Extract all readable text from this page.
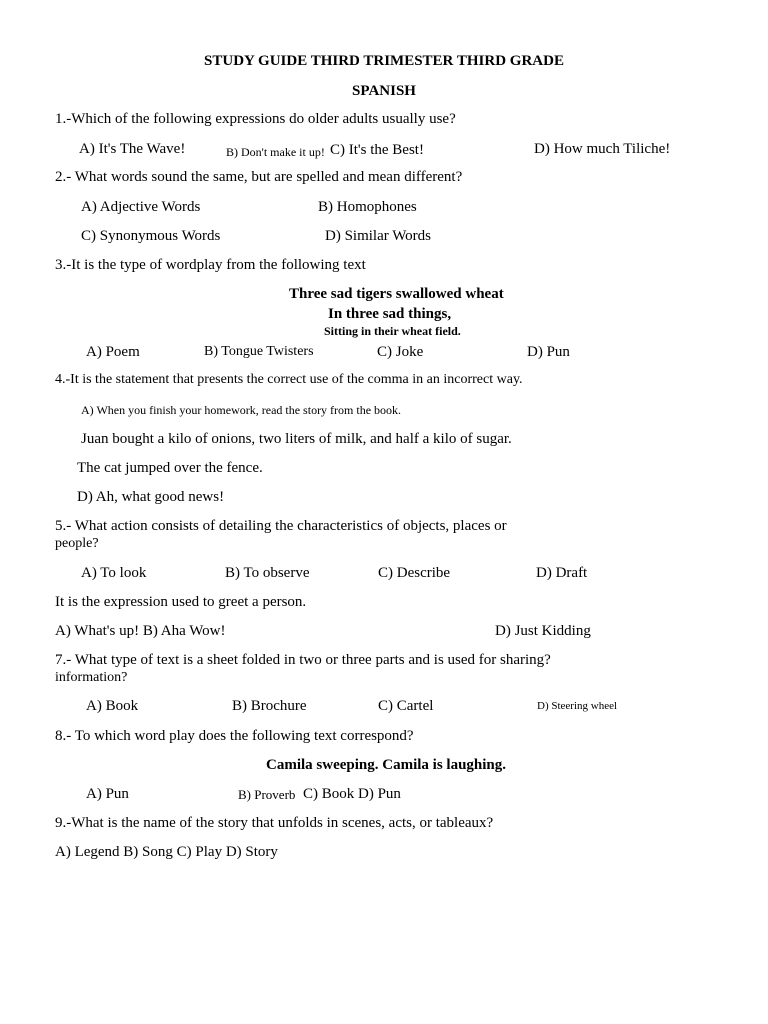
STUDY GUIDE THIRD TRIMESTER THIRD GRADE
SPANISH
1.-Which of the following expressions do older adults usually use?
A) It's The Wave!	B) Don't make it up! C) It's the Best!	D) How much Tiliche!
2.- What words sound the same, but are spelled and mean different?
A) Adjective Words	B) Homophones
C) Synonymous Words	D) Similar Words
3.-It is the type of wordplay from the following text
Three sad tigers swallowed wheat
In three sad things,
Sitting in their wheat field.
A) Poem	B) Tongue Twisters	C) Joke	D) Pun
4.-It is the statement that presents the correct use of the comma in an incorrect way.
A) When you finish your homework, read the story from the book.
Juan bought a kilo of onions, two liters of milk, and half a kilo of sugar.
The cat jumped over the fence.
D) Ah, what good news!
5.- What action consists of detailing the characteristics of objects, places or
people?
A) To look	B) To observe	C) Describe	D) Draft
It is the expression used to greet a person.
A) What's up! B) Aha Wow!	D) Just Kidding
7.- What type of text is a sheet folded in two or three parts and is used for sharing?
information?
A) Book	B) Brochure	C) Cartel	D) Steering wheel
8.- To which word play does the following text correspond?
Camila sweeping. Camila is laughing.
A) Pun	B) Proverb C) Book D) Pun
9.-What is the name of the story that unfolds in scenes, acts, or tableaux?
A) Legend B) Song C) Play D) Story
